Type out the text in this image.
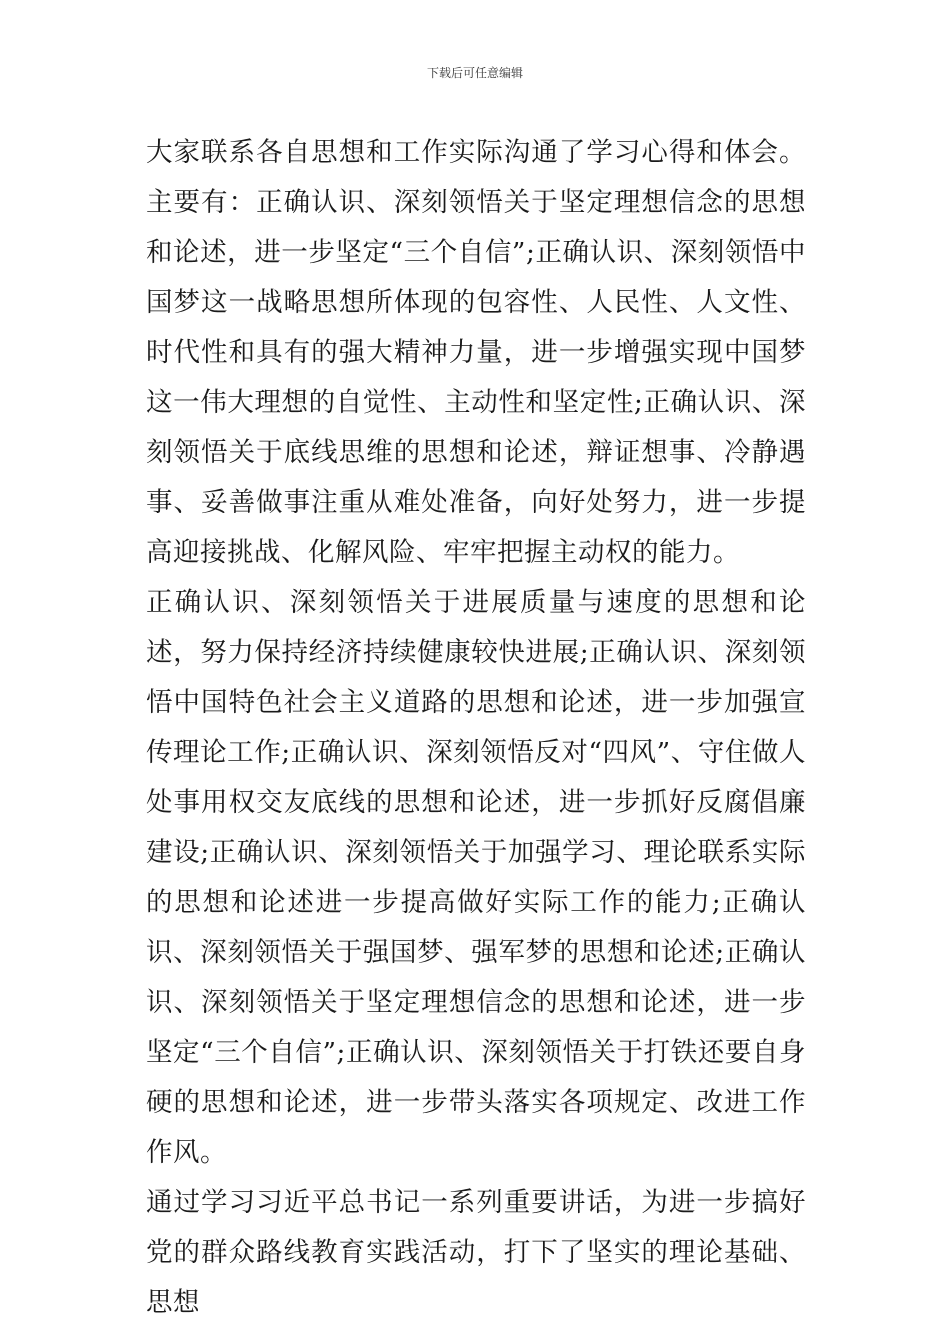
下载后可任意编辑

大家联系各自思想和工作实际沟通了学习心得和体会。主要有：正确认识、深刻领悟关于坚定理想信念的思想和论述，进一步坚定“三个自信”;正确认识、深刻领悟中国梦这一战略思想所体现的包容性、人民性、人文性、时代性和具有的强大精神力量，进一步增强实现中国梦这一伟大理想的自觉性、主动性和坚定性;正确认识、深刻领悟关于底线思维的思想和论述，辩证想事、冷静遇事、妥善做事注重从难处准备，向好处努力，进一步提高迎接挑战、化解风险、牢牢把握主动权的能力。

正确认识、深刻领悟关于进展质量与速度的思想和论述，努力保持经济持续健康较快进展;正确认识、深刻领悟中国特色社会主义道路的思想和论述，进一步加强宣传理论工作;正确认识、深刻领悟反对“四风”、守住做人处事用权交友底线的思想和论述，进一步抓好反腐倡廉建设;正确认识、深刻领悟关于加强学习、理论联系实际的思想和论述进一步提高做好实际工作的能力;正确认识、深刻领悟关于强国梦、强军梦的思想和论述;正确认识、深刻领悟关于坚定理想信念的思想和论述，进一步坚定“三个自信”;正确认识、深刻领悟关于打铁还要自身硬的思想和论述，进一步带头落实各项规定、改进工作作风。

通过学习习近平总书记一系列重要讲话，为进一步搞好党的群众路线教育实践活动，打下了坚实的理论基础、思想
